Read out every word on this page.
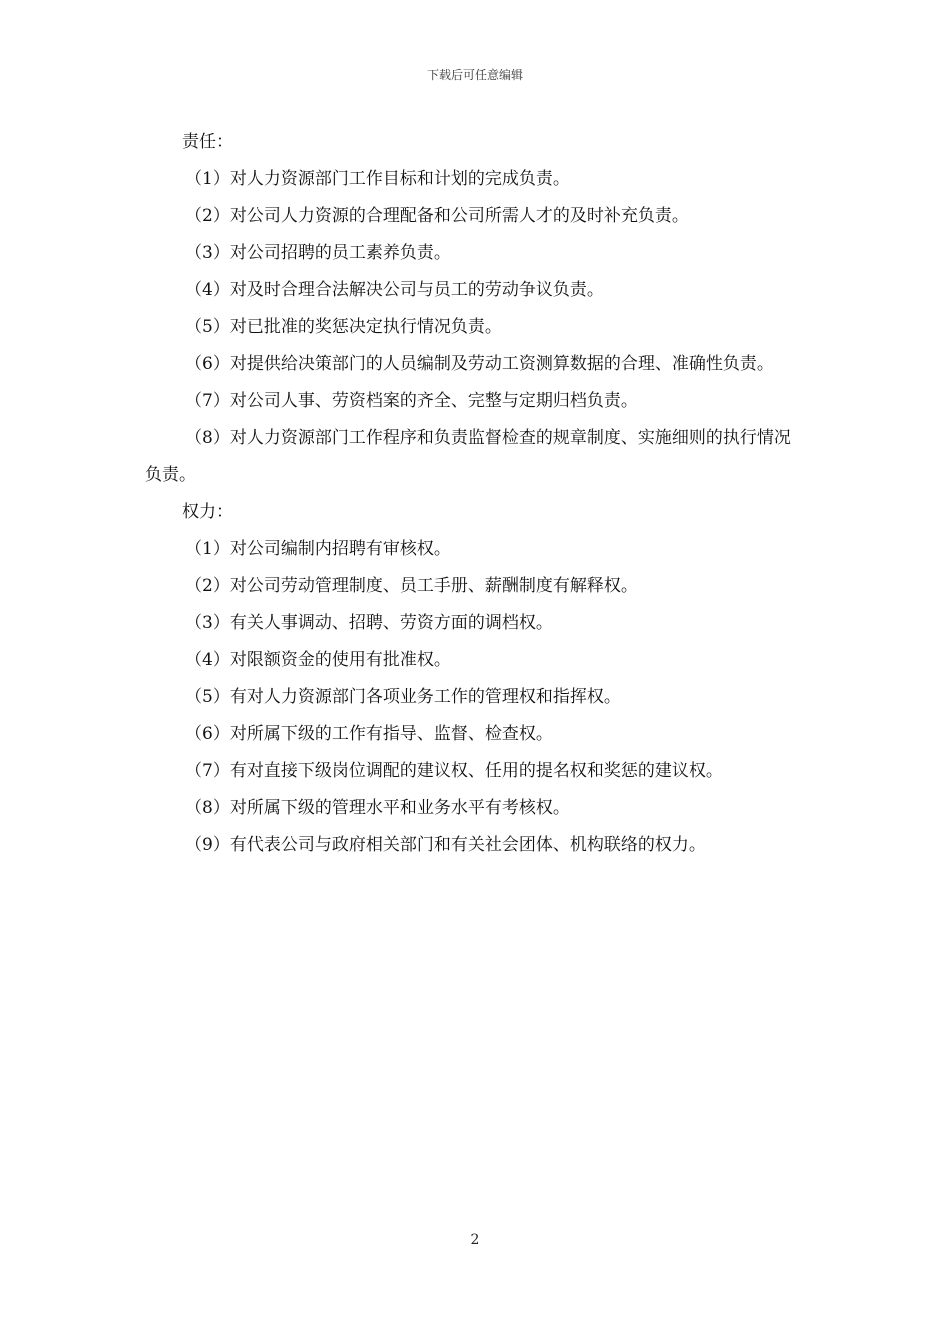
下载后可任意编辑

责任：

（1）对人力资源部门工作目标和计划的完成负责。

（2）对公司人力资源的合理配备和公司所需人才的及时补充负责。

（3）对公司招聘的员工素养负责。

（4）对及时合理合法解决公司与员工的劳动争议负责。

（5）对已批准的奖惩决定执行情况负责。

（6）对提供给决策部门的人员编制及劳动工资测算数据的合理、准确性负责。

（7）对公司人事、劳资档案的齐全、完整与定期归档负责。

（8）对人力资源部门工作程序和负责监督检查的规章制度、实施细则的执行情况负责。

权力：

（1）对公司编制内招聘有审核权。

（2）对公司劳动管理制度、员工手册、薪酬制度有解释权。

（3）有关人事调动、招聘、劳资方面的调档权。

（4）对限额资金的使用有批准权。

（5）有对人力资源部门各项业务工作的管理权和指挥权。

（6）对所属下级的工作有指导、监督、检查权。

（7）有对直接下级岗位调配的建议权、任用的提名权和奖惩的建议权。

（8）对所属下级的管理水平和业务水平有考核权。

（9）有代表公司与政府相关部门和有关社会团体、机构联络的权力。

2
